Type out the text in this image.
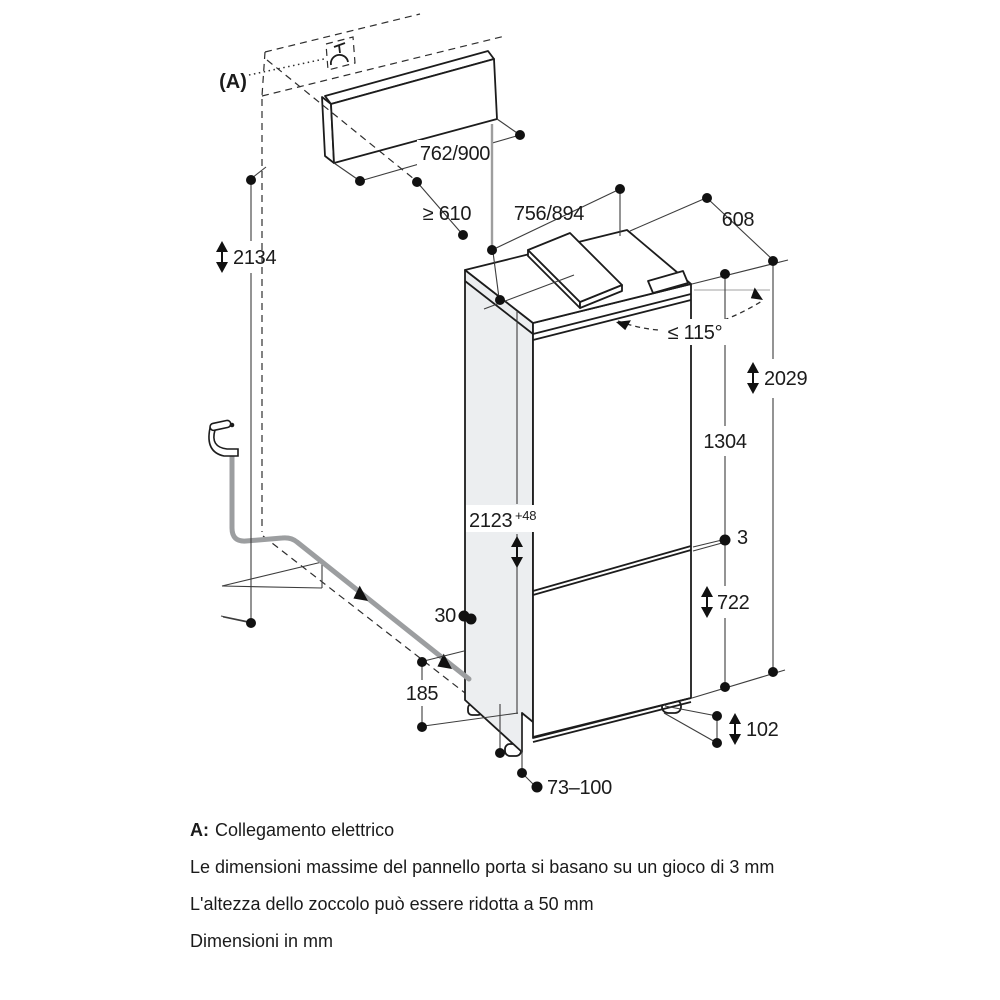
(A)
762/900
≥ 610 756/894	608
2029
1304
3
722
≤ 115°
2134
2123 +48
30
185
102
73–100
A: Collegamento elettrico
Le dimensioni massime del pannello porta si basano su un gioco di 3 mm
L'altezza dello zoccolo può essere ridotta a 50 mm
Dimensioni in mm
